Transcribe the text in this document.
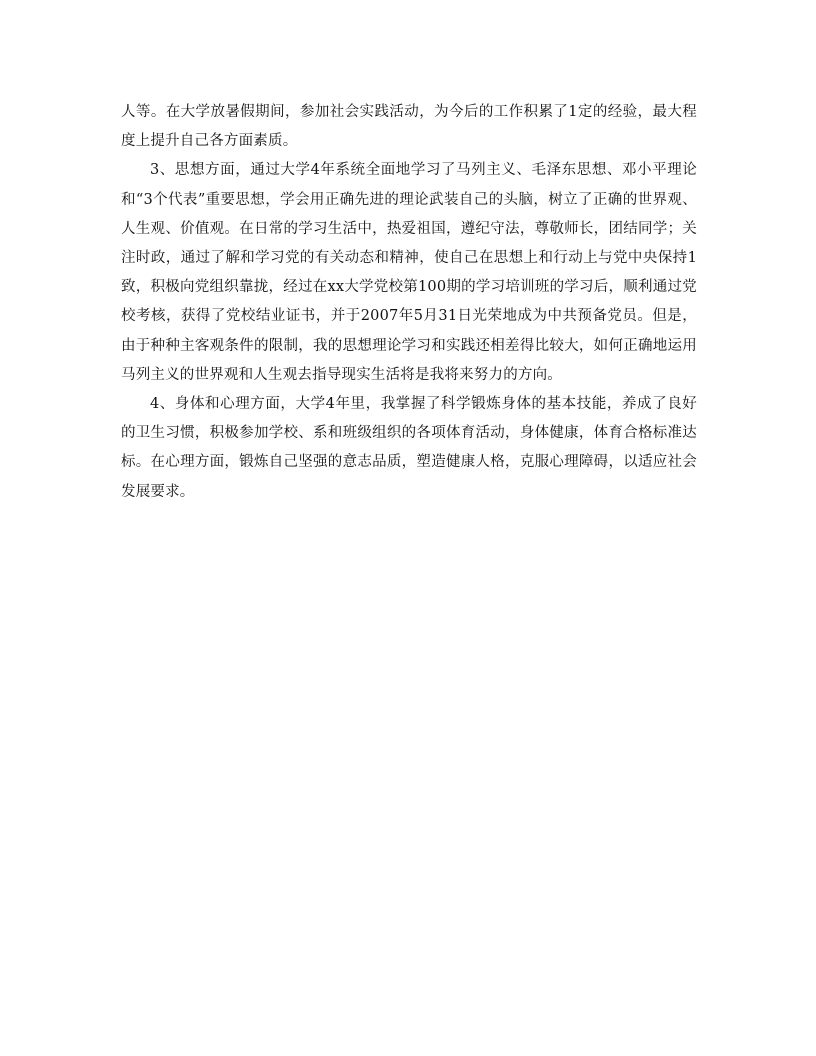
人等。在大学放暑假期间，参加社会实践活动，为今后的工作积累了1定的经验，最大程度上提升自己各方面素质。

3、思想方面，通过大学4年系统全面地学习了马列主义、毛泽东思想、邓小平理论和“3个代表”重要思想，学会用正确先进的理论武装自己的头脑，树立了正确的世界观、人生观、价值观。在日常的学习生活中，热爱祖国，遵纪守法，尊敬师长，团结同学；关注时政，通过了解和学习党的有关动态和精神，使自己在思想上和行动上与党中央保持1致，积极向党组织靠拢，经过在xx大学党校第100期的学习培训班的学习后，顺利通过党校考核，获得了党校结业证书，并于2007年5月31日光荣地成为中共预备党员。但是，由于种种主客观条件的限制，我的思想理论学习和实践还相差得比较大，如何正确地运用马列主义的世界观和人生观去指导现实生活将是我将来努力的方向。

4、身体和心理方面，大学4年里，我掌握了科学锻炼身体的基本技能，养成了良好的卫生习惯，积极参加学校、系和班级组织的各项体育活动，身体健康，体育合格标准达标。在心理方面，锻炼自己坚强的意志品质，塑造健康人格，克服心理障碍，以适应社会发展要求。
